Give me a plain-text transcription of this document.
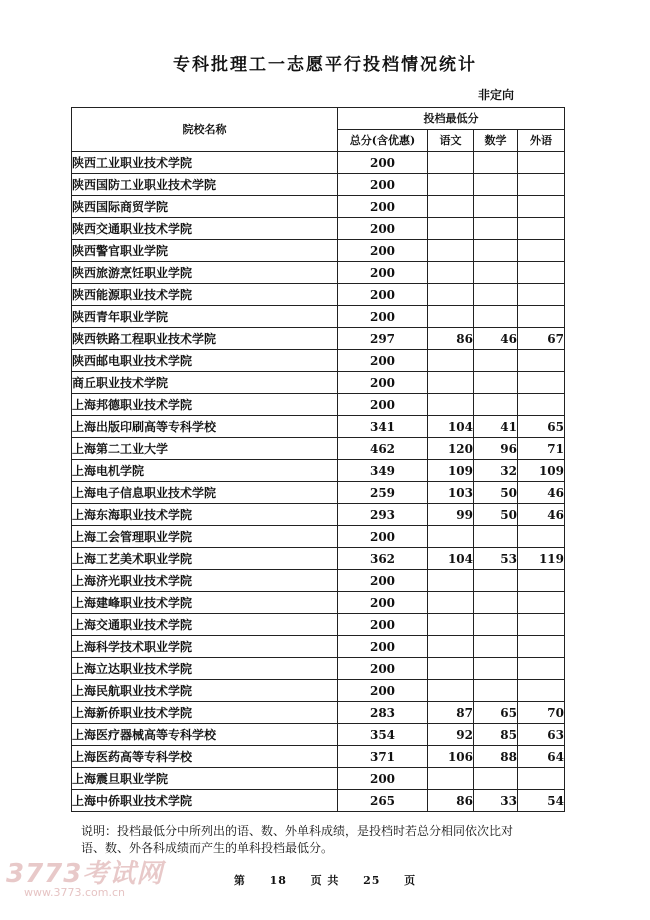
专科批理工一志愿平行投档情况统计
非定向
院校名称	投档最低分			
	总分(含优惠)	语文	数学	外语
陕西工业职业技术学院	200			
陕西国防工业职业技术学院	200			
陕西国际商贸学院	200			
陕西交通职业技术学院	200			
陕西警官职业学院	200			
陕西旅游烹饪职业学院	200			
陕西能源职业技术学院	200			
陕西青年职业学院	200			
陕西铁路工程职业技术学院	297	86	46	67
陕西邮电职业技术学院	200			
商丘职业技术学院	200			
上海邦德职业技术学院	200			
上海出版印刷高等专科学校	341	104	41	65
上海第二工业大学	462	120	96	71
上海电机学院	349	109	32	109
上海电子信息职业技术学院	259	103	50	46
上海东海职业技术学院	293	99	50	46
上海工会管理职业学院	200			
上海工艺美术职业学院	362	104	53	119
上海济光职业技术学院	200			
上海建峰职业技术学院	200			
上海交通职业技术学院	200			
上海科学技术职业学院	200			
上海立达职业技术学院	200			
上海民航职业技术学院	200			
上海新侨职业技术学院	283	87	65	70
上海医疗器械高等专科学校	354	92	85	63
上海医药高等专科学校	371	106	88	64
上海震旦职业学院	200			
上海中侨职业技术学院	265	86	33	54
说明：投档最低分中所列出的语、数、外单科成绩，是投档时若总分相同依次比对
语、数、外各科成绩而产生的单科投档最低分。
3773考试网
www.3773.com.cn
第 18 页 共 25 页
